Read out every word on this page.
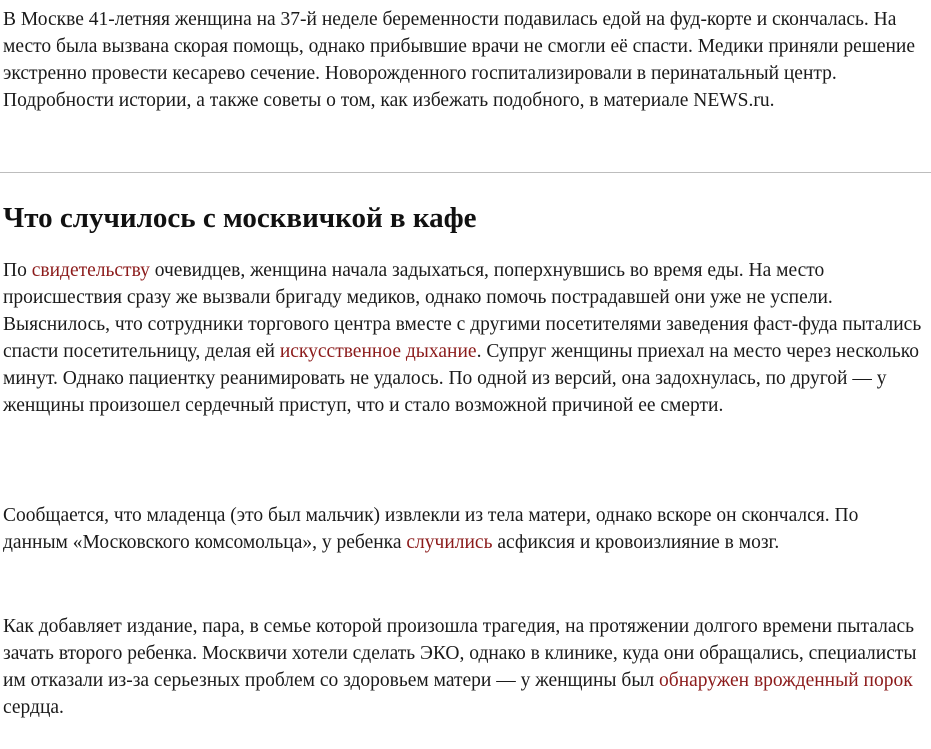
В Москве 41-летняя женщина на 37-й неделе беременности подавилась едой на фуд-корте и скончалась. На место была вызвана скорая помощь, однако прибывшие врачи не смогли её спасти. Медики приняли решение экстренно провести кесарево сечение. Новорожденного госпитализировали в перинатальный центр. Подробности истории, а также советы о том, как избежать подобного, в материале NEWS.ru.

Что случилось с москвичкой в кафе

По свидетельству очевидцев, женщина начала задыхаться, поперхнувшись во время еды. На место происшествия сразу же вызвали бригаду медиков, однако помочь пострадавшей они уже не успели.
Выяснилось, что сотрудники торгового центра вместе с другими посетителями заведения фаст-фуда пытались спасти посетительницу, делая ей искусственное дыхание. Супруг женщины приехал на место через несколько минут. Однако пациентку реанимировать не удалось. По одной из версий, она задохнулась, по другой — у женщины произошел сердечный приступ, что и стало возможной причиной ее смерти.

Сообщается, что младенца (это был мальчик) извлекли из тела матери, однако вскоре он скончался. По данным «Московского комсомольца», у ребенка случились асфиксия и кровоизлияние в мозг.

Как добавляет издание, пара, в семье которой произошла трагедия, на протяжении долгого времени пыталась зачать второго ребенка. Москвичи хотели сделать ЭКО, однако в клинике, куда они обращались, специалисты им отказали из-за серьезных проблем со здоровьем матери — у женщины был обнаружен врожденный порок сердца.
